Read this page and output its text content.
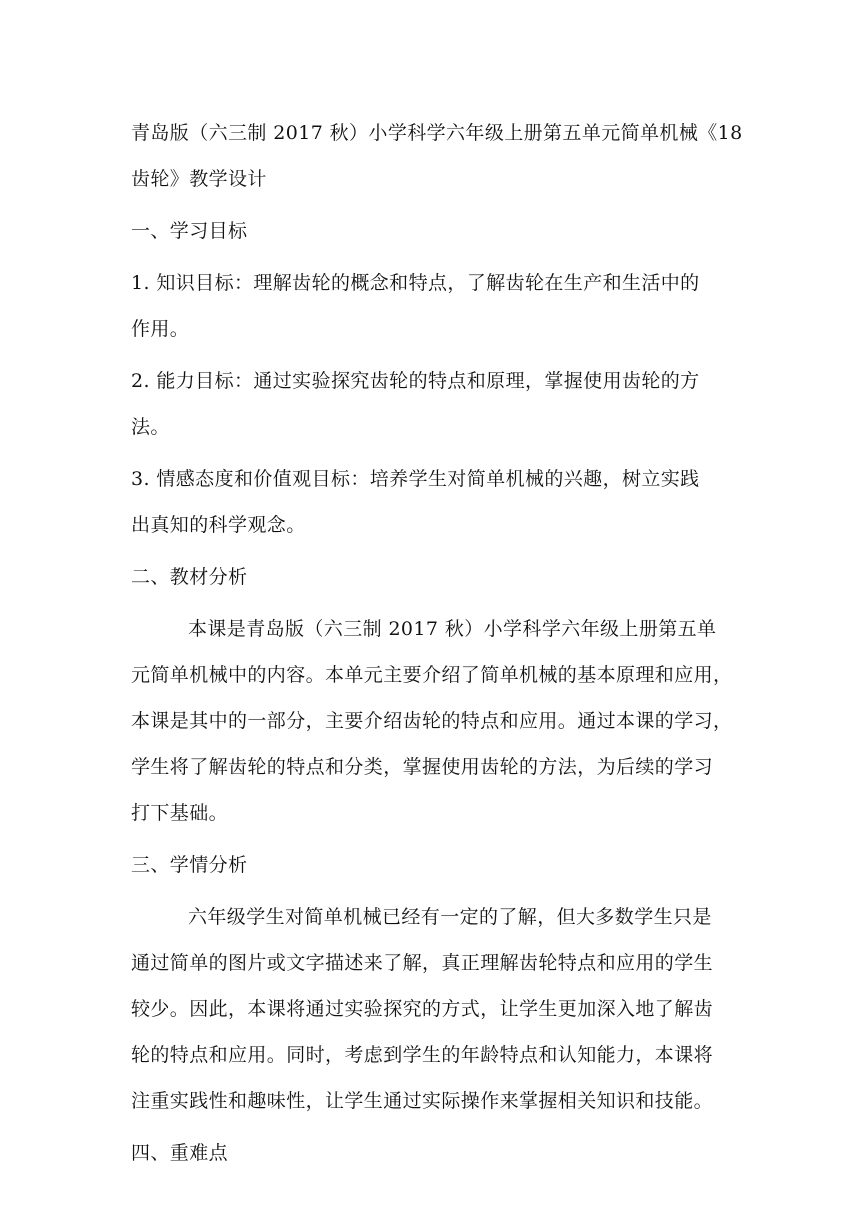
青岛版（六三制 2017 秋）小学科学六年级上册第五单元简单机械《18
齿轮》教学设计
一、学习目标
1. 知识目标：理解齿轮的概念和特点，了解齿轮在生产和生活中的
作用。
2. 能力目标：通过实验探究齿轮的特点和原理，掌握使用齿轮的方
法。
3. 情感态度和价值观目标：培养学生对简单机械的兴趣，树立实践
出真知的科学观念。
二、教材分析
本课是青岛版（六三制 2017 秋）小学科学六年级上册第五单
元简单机械中的内容。本单元主要介绍了简单机械的基本原理和应用，
本课是其中的一部分，主要介绍齿轮的特点和应用。通过本课的学习，
学生将了解齿轮的特点和分类，掌握使用齿轮的方法，为后续的学习
打下基础。
三、学情分析
六年级学生对简单机械已经有一定的了解，但大多数学生只是
通过简单的图片或文字描述来了解，真正理解齿轮特点和应用的学生
较少。因此，本课将通过实验探究的方式，让学生更加深入地了解齿
轮的特点和应用。同时，考虑到学生的年龄特点和认知能力，本课将
注重实践性和趣味性，让学生通过实际操作来掌握相关知识和技能。
四、重难点
